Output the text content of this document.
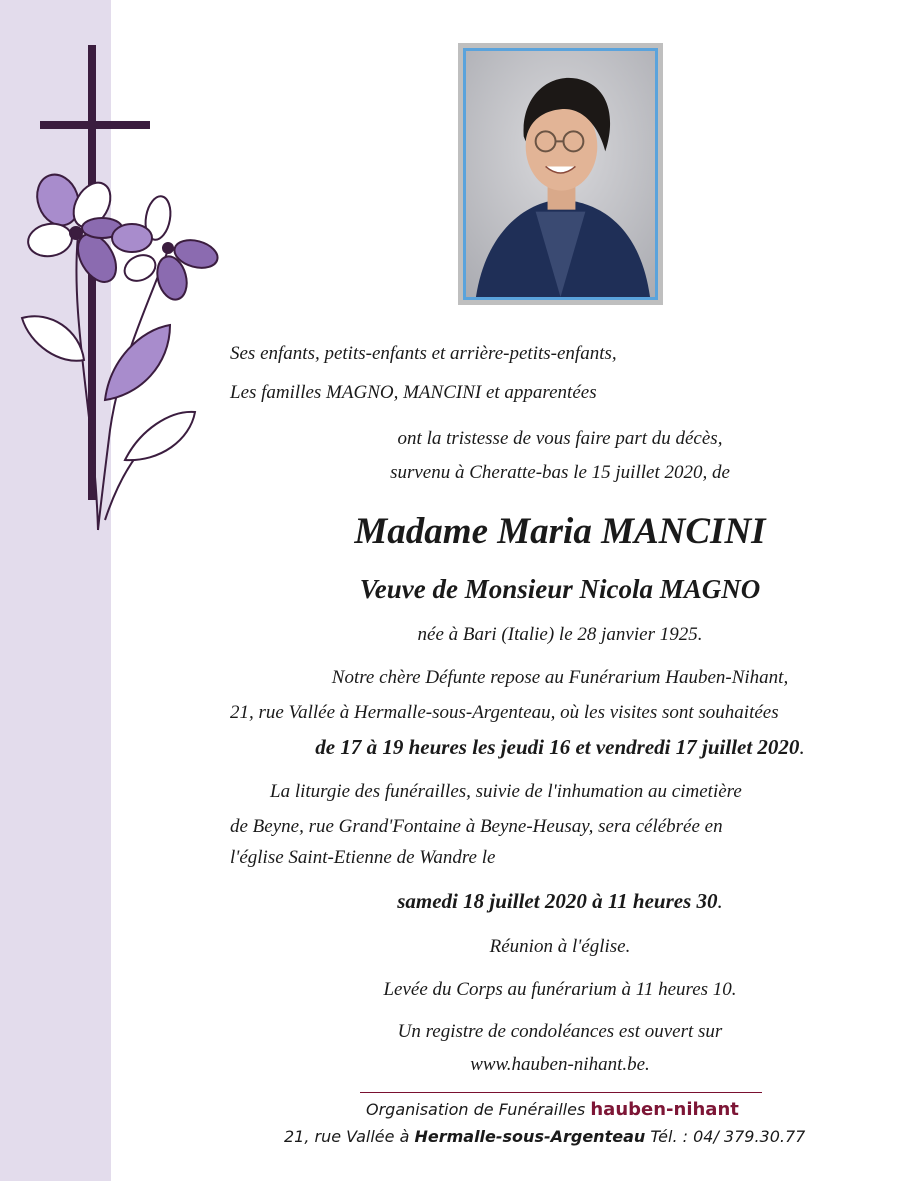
Ses enfants, petits-enfants et arrière-petits-enfants,
Les familles MAGNO, MANCINI et apparentées
ont la tristesse de vous faire part du décès,
survenu à Cheratte-bas le 15 juillet 2020, de
Madame Maria MANCINI
Veuve de Monsieur Nicola MAGNO
née à Bari (Italie) le 28 janvier 1925.
Notre chère Défunte repose au Funérarium Hauben-Nihant,
21, rue Vallée à Hermalle-sous-Argenteau, où les visites sont souhaitées
de 17 à 19 heures les jeudi 16 et vendredi 17 juillet 2020.
La liturgie des funérailles, suivie de l'inhumation au cimetière
de Beyne, rue Grand'Fontaine à Beyne-Heusay, sera célébrée en
l'église Saint-Etienne de Wandre le
samedi 18 juillet 2020 à 11 heures 30.
Réunion à l'église.
Levée du Corps au funérarium à 11 heures 10.
Un registre de condoléances est ouvert sur
www.hauben-nihant.be.
Organisation de Funérailles hauben-nihant
21, rue Vallée à Hermalle-sous-Argenteau Tél. : 04/ 379.30.77
